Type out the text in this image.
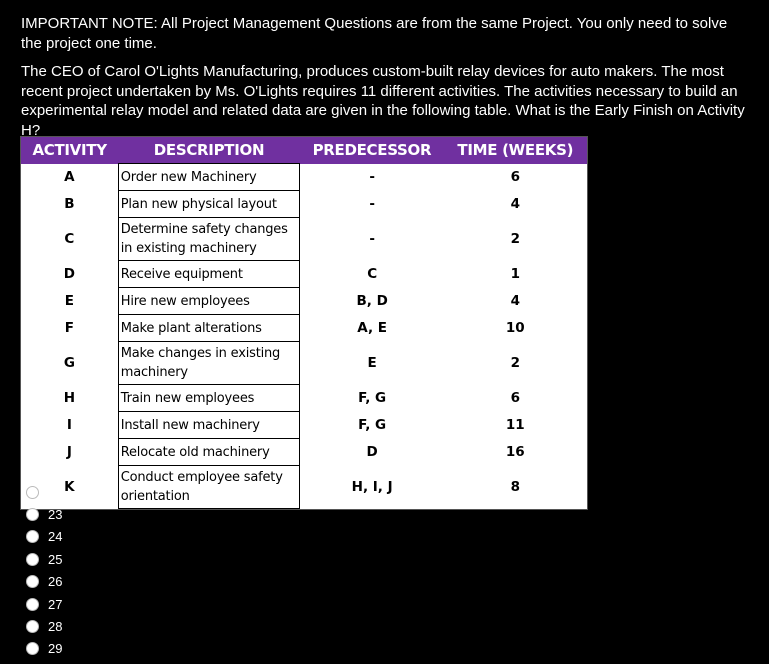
IMPORTANT NOTE: All Project Management Questions are from the same Project. You only need to solve the project one time.

The CEO of Carol O'Lights Manufacturing, produces custom-built relay devices for auto makers. The most recent project undertaken by Ms. O'Lights requires 11 different activities. The activities necessary to build an experimental relay model and related data are given in the following table. What is the Early Finish on Activity H?

ACTIVITY	DESCRIPTION	PREDECESSOR	TIME (WEEKS)
A	Order new Machinery	-	6
B	Plan new physical layout	-	4
C	Determine safety changes in existing machinery	-	2
D	Receive equipment	C	1
E	Hire new employees	B, D	4
F	Make plant alterations	A, E	10
G	Make changes in existing machinery	E	2
H	Train new employees	F, G	6
I	Install new machinery	F, G	11
J	Relocate old machinery	D	16
K	Conduct employee safety orientation	H, I, J	8
22
23
24
25
26
27
28
29
